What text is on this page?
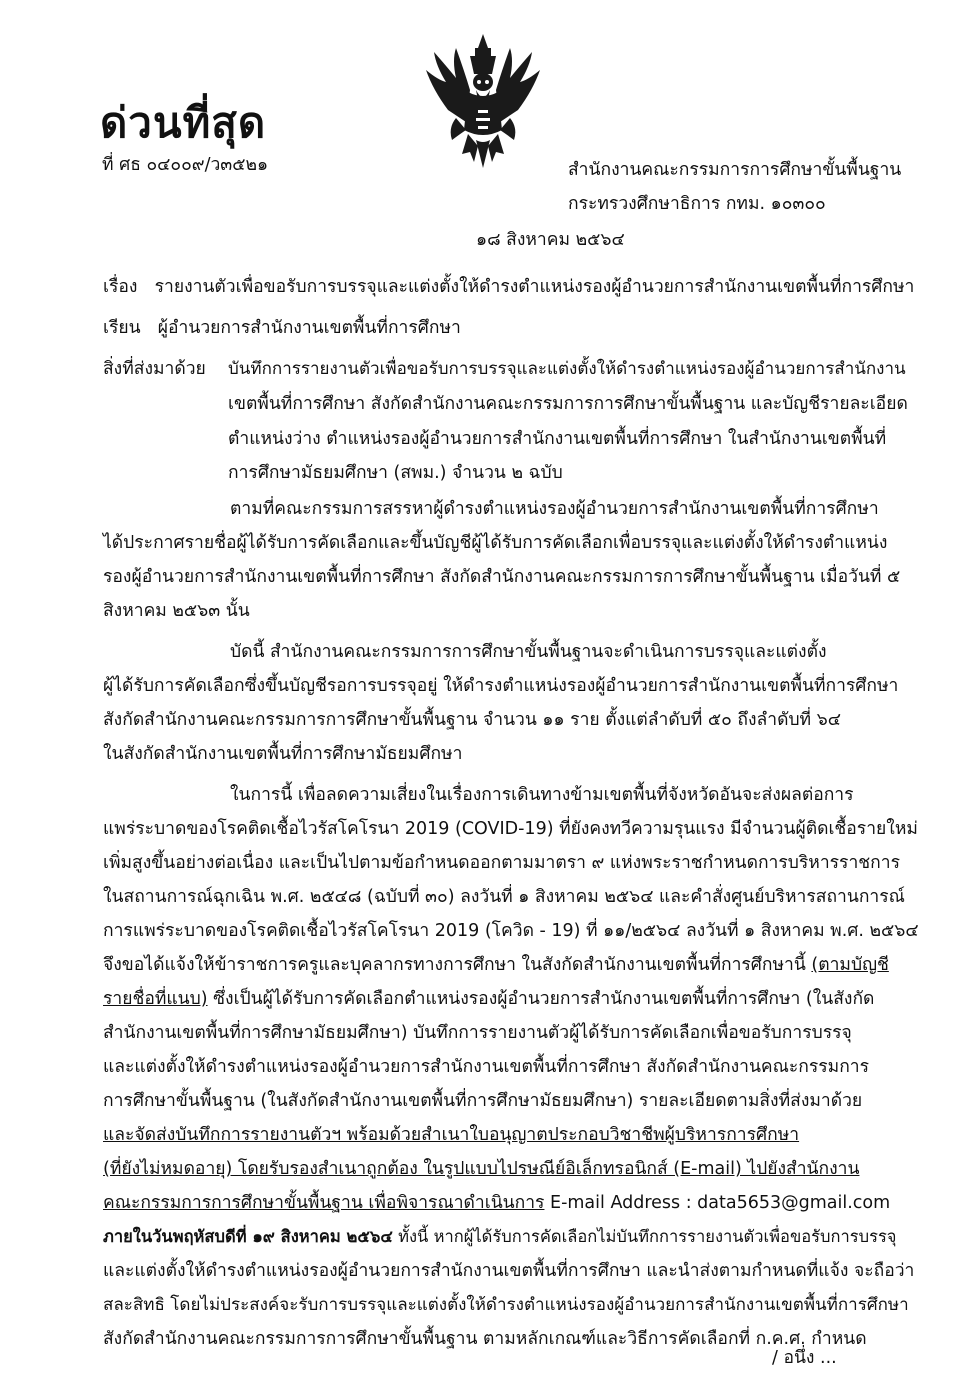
ด่วนที่สุด
ที่ ศธ ๐๔๐๐๙/ว๓๕๒๑	สำนักงานคณะกรรมการการศึกษาขั้นพื้นฐาน
กระทรวงศึกษาธิการ กทม. ๑๐๓๐๐
๑๘ สิงหาคม ๒๕๖๔
เรื่อง รายงานตัวเพื่อขอรับการบรรจุและแต่งตั้งให้ดำรงตำแหน่งรองผู้อำนวยการสำนักงานเขตพื้นที่การศึกษา
เรียน ผู้อำนวยการสำนักงานเขตพื้นที่การศึกษา
สิ่งที่ส่งมาด้วย บันทึกการรายงานตัวเพื่อขอรับการบรรจุและแต่งตั้งให้ดำรงตำแหน่งรองผู้อำนวยการสำนักงาน
เขตพื้นที่การศึกษา สังกัดสำนักงานคณะกรรมการการศึกษาขั้นพื้นฐาน และบัญชีรายละเอียด
ตำแหน่งว่าง ตำแหน่งรองผู้อำนวยการสำนักงานเขตพื้นที่การศึกษา ในสำนักงานเขตพื้นที่
การศึกษามัธยมศึกษา (สพม.) จำนวน ๒ ฉบับ
ตามที่คณะกรรมการสรรหาผู้ดำรงตำแหน่งรองผู้อำนวยการสำนักงานเขตพื้นที่การศึกษา
ได้ประกาศรายชื่อผู้ได้รับการคัดเลือกและขึ้นบัญชีผู้ได้รับการคัดเลือกเพื่อบรรจุและแต่งตั้งให้ดำรงตำแหน่ง
รองผู้อำนวยการสำนักงานเขตพื้นที่การศึกษา สังกัดสำนักงานคณะกรรมการการศึกษาขั้นพื้นฐาน เมื่อวันที่ ๕
สิงหาคม ๒๕๖๓ นั้น
บัดนี้ สำนักงานคณะกรรมการการศึกษาขั้นพื้นฐานจะดำเนินการบรรจุและแต่งตั้ง
ผู้ได้รับการคัดเลือกซึ่งขึ้นบัญชีรอการบรรจุอยู่ ให้ดำรงตำแหน่งรองผู้อำนวยการสำนักงานเขตพื้นที่การศึกษา
สังกัดสำนักงานคณะกรรมการการศึกษาขั้นพื้นฐาน จำนวน ๑๑ ราย ตั้งแต่ลำดับที่ ๕๐ ถึงลำดับที่ ๖๔
ในสังกัดสำนักงานเขตพื้นที่การศึกษามัธยมศึกษา
ในการนี้ เพื่อลดความเสี่ยงในเรื่องการเดินทางข้ามเขตพื้นที่จังหวัดอันจะส่งผลต่อการ
แพร่ระบาดของโรคติดเชื้อไวรัสโคโรนา 2019 (COVID-19) ที่ยังคงทวีความรุนแรง มีจำนวนผู้ติดเชื้อรายใหม่
เพิ่มสูงขึ้นอย่างต่อเนื่อง และเป็นไปตามข้อกำหนดออกตามมาตรา ๙ แห่งพระราชกำหนดการบริหารราชการ
ในสถานการณ์ฉุกเฉิน พ.ศ. ๒๕๔๘ (ฉบับที่ ๓๐) ลงวันที่ ๑ สิงหาคม ๒๕๖๔ และคำสั่งศูนย์บริหารสถานการณ์
การแพร่ระบาดของโรคติดเชื้อไวรัสโคโรนา 2019 (โควิด - 19) ที่ ๑๑/๒๕๖๔ ลงวันที่ ๑ สิงหาคม พ.ศ. ๒๕๖๔
จึงขอได้แจ้งให้ข้าราชการครูและบุคลากรทางการศึกษา ในสังกัดสำนักงานเขตพื้นที่การศึกษานี้ (ตามบัญชี
รายชื่อที่แนบ) ซึ่งเป็นผู้ได้รับการคัดเลือกตำแหน่งรองผู้อำนวยการสำนักงานเขตพื้นที่การศึกษา (ในสังกัด
สำนักงานเขตพื้นที่การศึกษามัธยมศึกษา) บันทึกการรายงานตัวผู้ได้รับการคัดเลือกเพื่อขอรับการบรรจุ
และแต่งตั้งให้ดำรงตำแหน่งรองผู้อำนวยการสำนักงานเขตพื้นที่การศึกษา สังกัดสำนักงานคณะกรรมการ
การศึกษาขั้นพื้นฐาน (ในสังกัดสำนักงานเขตพื้นที่การศึกษามัธยมศึกษา) รายละเอียดตามสิ่งที่ส่งมาด้วย
และจัดส่งบันทึกการรายงานตัวฯ พร้อมด้วยสำเนาใบอนุญาตประกอบวิชาชีพผู้บริหารการศึกษา
(ที่ยังไม่หมดอายุ) โดยรับรองสำเนาถูกต้อง ในรูปแบบไปรษณีย์อิเล็กทรอนิกส์ (E-mail) ไปยังสำนักงาน
คณะกรรมการการศึกษาขั้นพื้นฐาน เพื่อพิจารณาดำเนินการ E-mail Address : data5653@gmail.com
ภายในวันพฤหัสบดีที่ ๑๙ สิงหาคม ๒๕๖๔ ทั้งนี้ หากผู้ได้รับการคัดเลือกไม่บันทึกการรายงานตัวเพื่อขอรับการบรรจุ
และแต่งตั้งให้ดำรงตำแหน่งรองผู้อำนวยการสำนักงานเขตพื้นที่การศึกษา และนำส่งตามกำหนดที่แจ้ง จะถือว่า
สละสิทธิ โดยไม่ประสงค์จะรับการบรรจุและแต่งตั้งให้ดำรงตำแหน่งรองผู้อำนวยการสำนักงานเขตพื้นที่การศึกษา
สังกัดสำนักงานคณะกรรมการการศึกษาขั้นพื้นฐาน ตามหลักเกณฑ์และวิธีการคัดเลือกที่ ก.ค.ศ. กำหนด
/ อนึ่ง ...
